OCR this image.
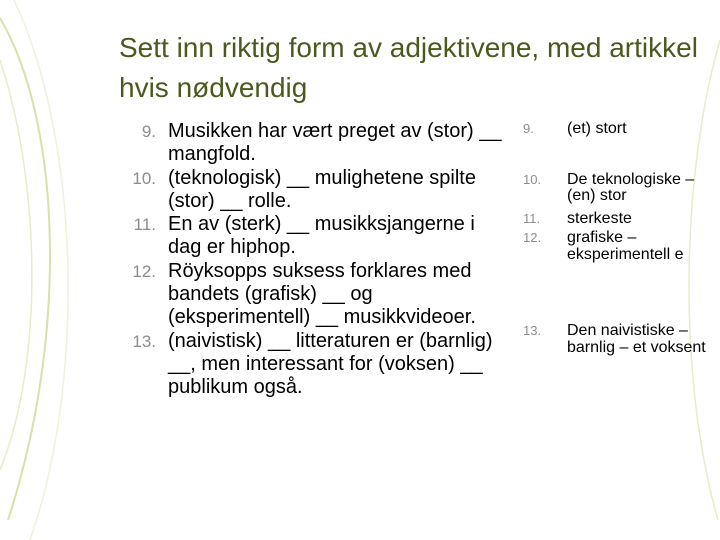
Sett inn riktig form av adjektivene, med artikkel hvis nødvendig
9. Musikken har vært preget av (stor) __ mangfold.
10. (teknologisk) __ mulighetene spilte (stor) __ rolle.
11. En av (sterk) __ musikksjangerne i dag er hiphop.
12. Röyksopps suksess forklares med bandets (grafisk) __ og (eksperimentell) __ musikkvideoer.
13. (naivistisk) __ litteraturen er (barnlig) __, men interessant for (voksen) __ publikum også.
9.	(et) stort
10. De teknologiske – (en) stor
11. sterkeste
12. grafiske – eksperimentell e
13. Den naivistiske – barnlig – et voksent
